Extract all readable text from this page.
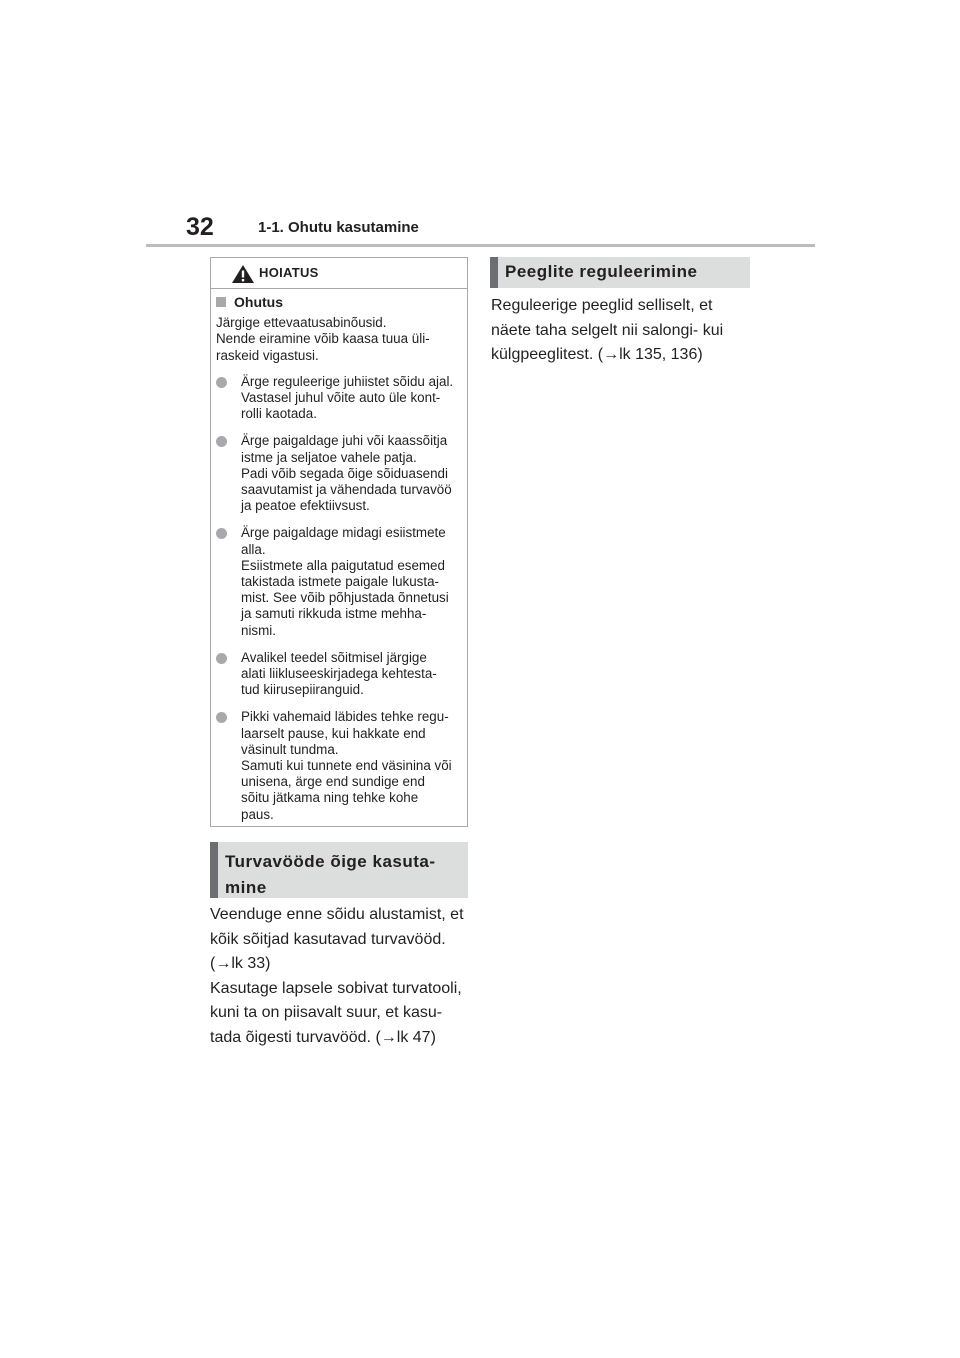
32	1-1. Ohutu kasutamine
HOIATUS
Ohutus
Järgige ettevaatusabinõusid.
Nende eiramine võib kaasa tuua üli-
raskeid vigastusi.
Ärge reguleerige juhiistet sõidu ajal.
Vastasel juhul võite auto üle kont-
rolli kaotada.
Ärge paigaldage juhi või kaassõitja
istme ja seljatoe vahele patja.
Padi võib segada õige sõiduasendi
saavutamist ja vähendada turvavöö
ja peatoe efektiivsust.
Ärge paigaldage midagi esiistmete
alla.
Esiistmete alla paigutatud esemed
takistada istmete paigale lukusta-
mist. See võib põhjustada õnnetusi
ja samuti rikkuda istme mehha-
nismi.
Avalikel teedel sõitmisel järgige
alati liikluseeskirjadega kehtesta-
tud kiirusepiiranguid.
Pikki vahemaid läbides tehke regu-
laarselt pause, kui hakkate end
väsinult tundma.
Samuti kui tunnete end väsinina või
unisena, ärge end sundige end
sõitu jätkama ning tehke kohe
paus.
Turvavööde õige kasuta-
mine
Veenduge enne sõidu alustamist, et
kõik sõitjad kasutavad turvavööd.
(→lk 33)
Kasutage lapsele sobivat turvatooli,
kuni ta on piisavalt suur, et kasu-
tada õigesti turvavööd. (→lk 47)
Peeglite reguleerimine
Reguleerige peeglid selliselt, et
näete taha selgelt nii salongi- kui
külgpeeglitest. (→lk 135, 136)
